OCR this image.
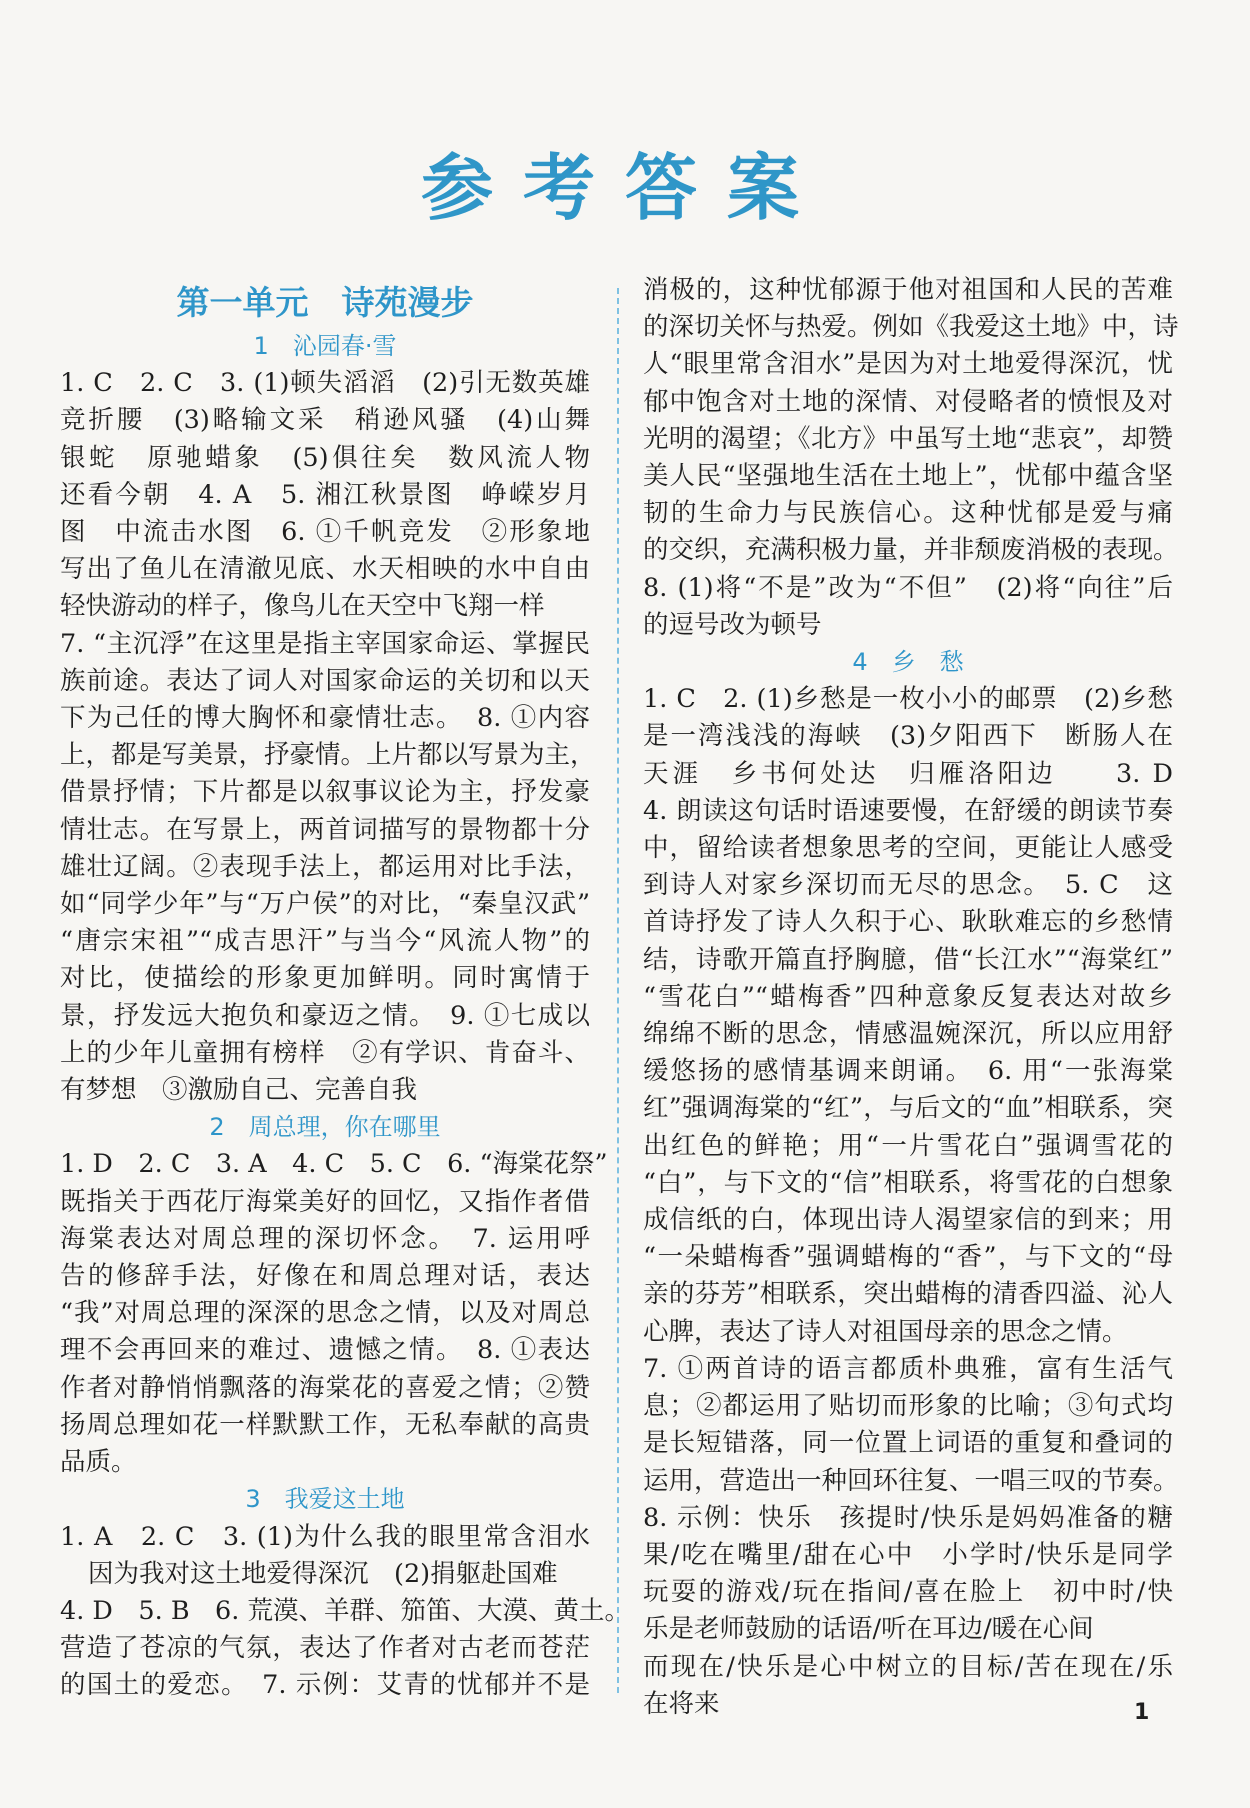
参考答案
第一单元　诗苑漫步
1　沁园春·雪
1. C　2. C　3. (1)顿失滔滔　(2)引无数英雄
竞折腰　(3)略输文采　稍逊风骚　(4)山舞
银蛇　原驰蜡象　(5)俱往矣　数风流人物
还看今朝　4. A　5. 湘江秋景图　峥嵘岁月
图　中流击水图　6. ①千帆竞发　②形象地
写出了鱼儿在清澈见底、水天相映的水中自由
轻快游动的样子，像鸟儿在天空中飞翔一样
7. “主沉浮”在这里是指主宰国家命运、掌握民
族前途。表达了词人对国家命运的关切和以天
下为己任的博大胸怀和豪情壮志。　8. ①内容
上，都是写美景，抒豪情。上片都以写景为主，
借景抒情；下片都是以叙事议论为主，抒发豪
情壮志。在写景上，两首词描写的景物都十分
雄壮辽阔。②表现手法上，都运用对比手法，
如“同学少年”与“万户侯”的对比，“秦皇汉武”
“唐宗宋祖”“成吉思汗”与当今“风流人物”的
对比，使描绘的形象更加鲜明。同时寓情于
景，抒发远大抱负和豪迈之情。　9. ①七成以
上的少年儿童拥有榜样　②有学识、肯奋斗、
有梦想　③激励自己、完善自我
2　周总理，你在哪里
1. D　2. C　3. A　4. C　5. C　6. “海棠花祭”
既指关于西花厅海棠美好的回忆，又指作者借
海棠表达对周总理的深切怀念。　7. 运用呼
告的修辞手法，好像在和周总理对话，表达
“我”对周总理的深深的思念之情，以及对周总
理不会再回来的难过、遗憾之情。　8. ①表达
作者对静悄悄飘落的海棠花的喜爱之情；②赞
扬周总理如花一样默默工作，无私奉献的高贵
品质。
3　我爱这土地
1. A　2. C　3. (1)为什么我的眼里常含泪水
因为我对这土地爱得深沉　(2)捐躯赴国难
4. D　5. B　6. 荒漠、羊群、笳笛、大漠、黄土。
营造了苍凉的气氛，表达了作者对古老而苍茫
的国土的爱恋。　7. 示例：艾青的忧郁并不是
消极的，这种忧郁源于他对祖国和人民的苦难
的深切关怀与热爱。例如《我爱这土地》中，诗
人“眼里常含泪水”是因为对土地爱得深沉，忧
郁中饱含对土地的深情、对侵略者的愤恨及对
光明的渴望；《北方》中虽写土地“悲哀”，却赞
美人民“坚强地生活在土地上”，忧郁中蕴含坚
韧的生命力与民族信心。这种忧郁是爱与痛
的交织，充满积极力量，并非颓废消极的表现。
8. (1)将“不是”改为“不但”　(2)将“向往”后
的逗号改为顿号
4　乡　愁
1. C　2. (1)乡愁是一枚小小的邮票　(2)乡愁
是一湾浅浅的海峡　(3)夕阳西下　断肠人在
天涯　乡书何处达　归雁洛阳边　　3. D
4. 朗读这句话时语速要慢，在舒缓的朗读节奏
中，留给读者想象思考的空间，更能让人感受
到诗人对家乡深切而无尽的思念。　5. C　这
首诗抒发了诗人久积于心、耿耿难忘的乡愁情
结，诗歌开篇直抒胸臆，借“长江水”“海棠红”
“雪花白”“蜡梅香”四种意象反复表达对故乡
绵绵不断的思念，情感温婉深沉，所以应用舒
缓悠扬的感情基调来朗诵。　6. 用“一张海棠
红”强调海棠的“红”，与后文的“血”相联系，突
出红色的鲜艳；用“一片雪花白”强调雪花的
“白”，与下文的“信”相联系，将雪花的白想象
成信纸的白，体现出诗人渴望家信的到来；用
“一朵蜡梅香”强调蜡梅的“香”，与下文的“母
亲的芬芳”相联系，突出蜡梅的清香四溢、沁人
心脾，表达了诗人对祖国母亲的思念之情。
7. ①两首诗的语言都质朴典雅，富有生活气
息；②都运用了贴切而形象的比喻；③句式均
是长短错落，同一位置上词语的重复和叠词的
运用，营造出一种回环往复、一唱三叹的节奏。
8. 示例：快乐　孩提时/快乐是妈妈准备的糖
果/吃在嘴里/甜在心中　小学时/快乐是同学
玩耍的游戏/玩在指间/喜在脸上　初中时/快
乐是老师鼓励的话语/听在耳边/暖在心间
而现在/快乐是心中树立的目标/苦在现在/乐
在将来	1
